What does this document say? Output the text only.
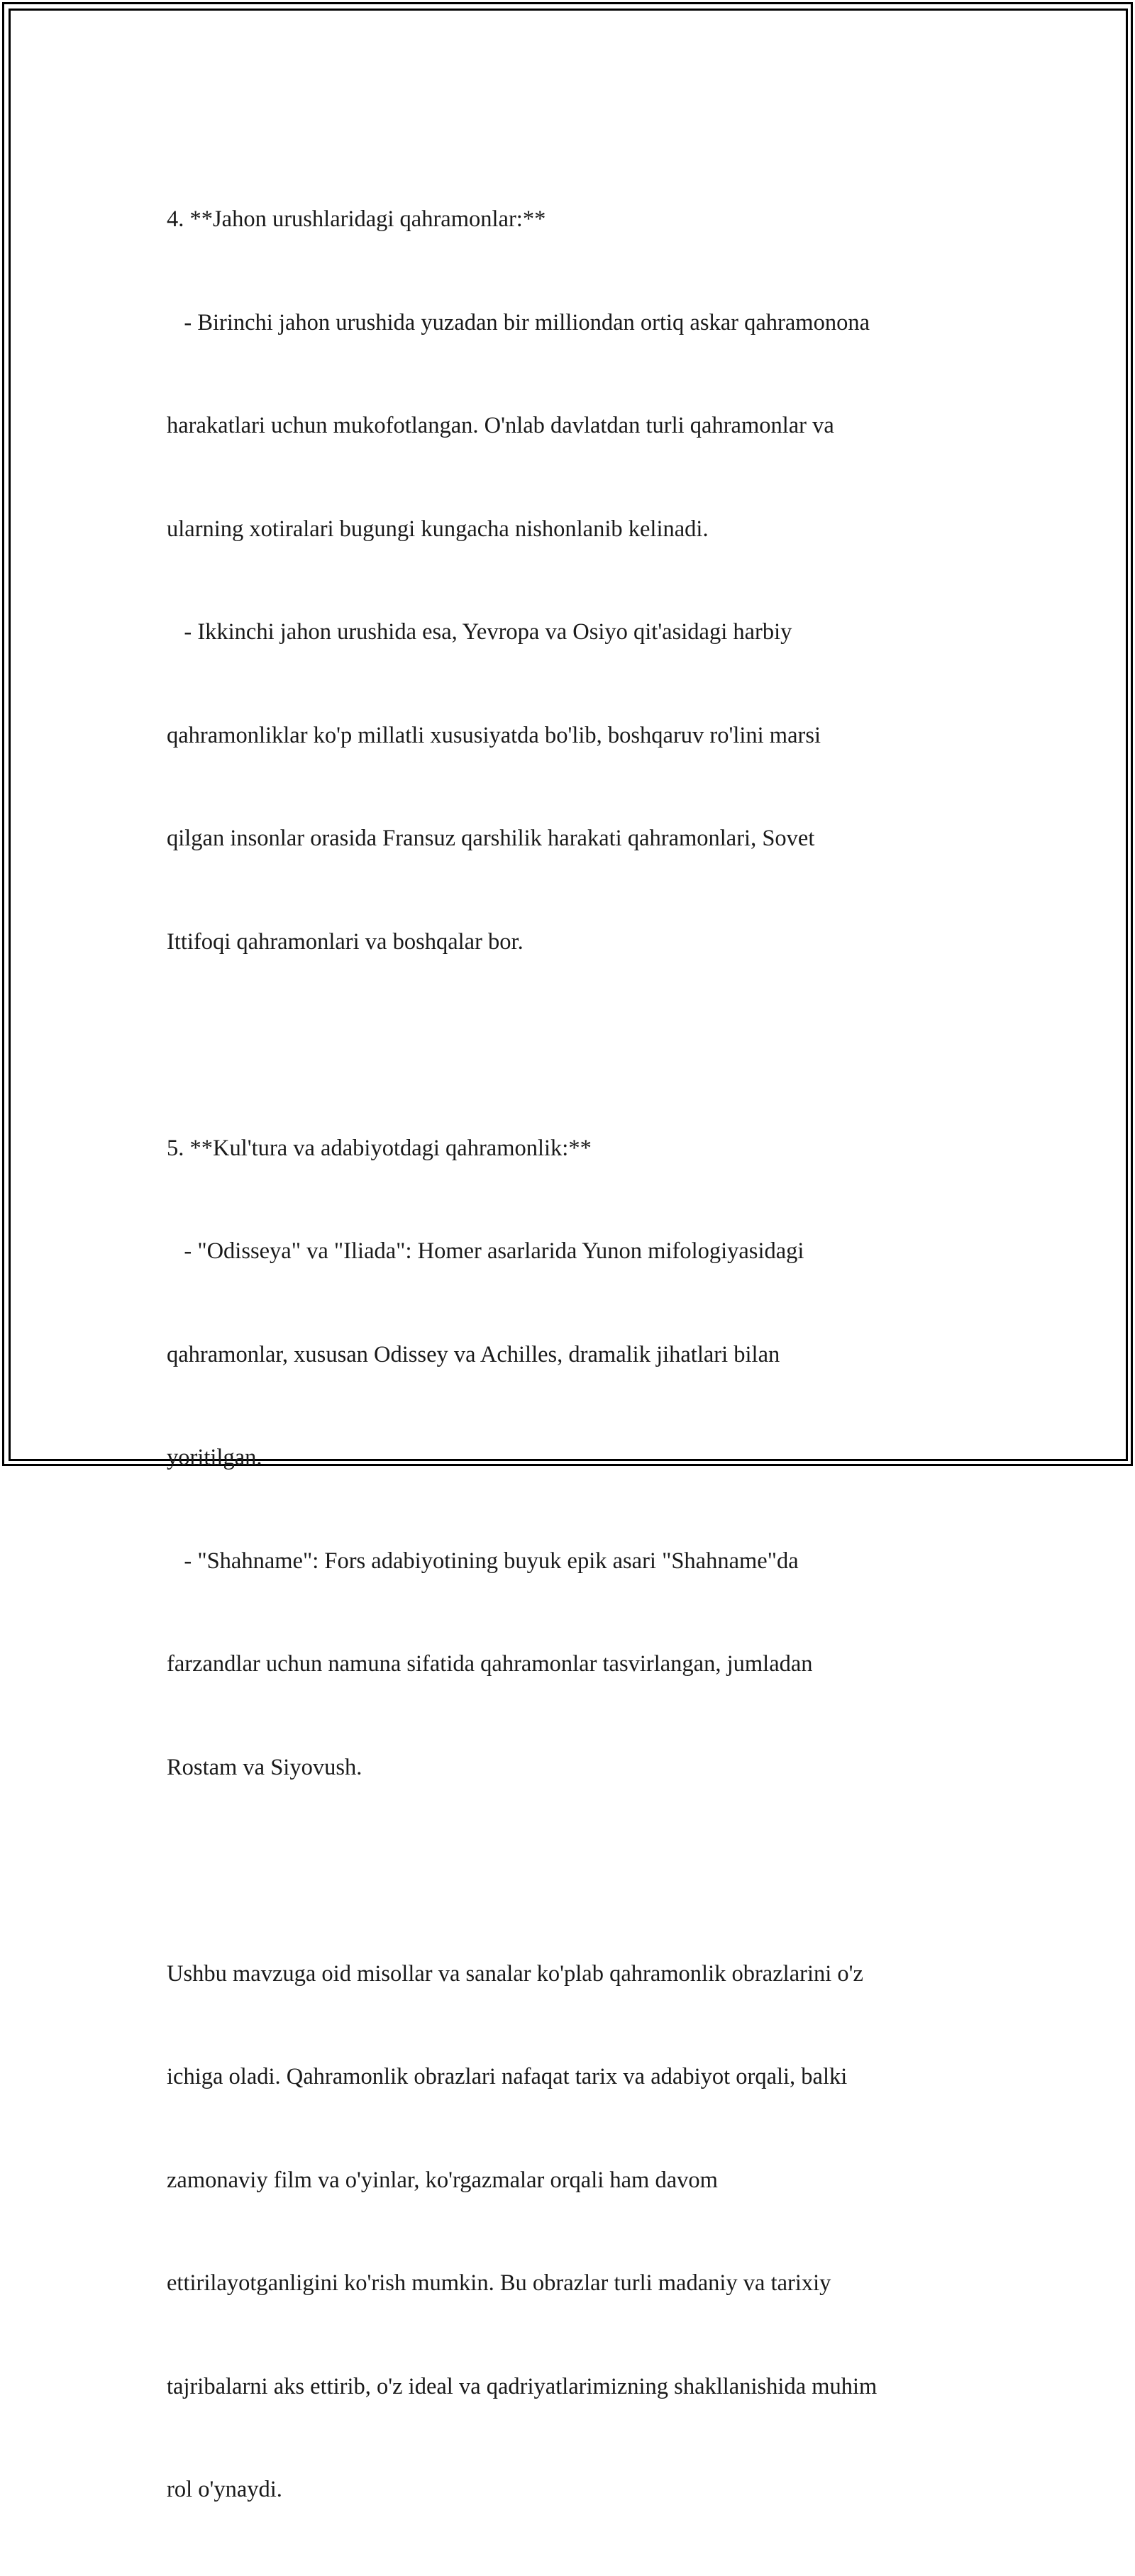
4. **Jahon urushlaridagi qahramonlar:**

- Birinchi jahon urushida yuzadan bir milliondan ortiq askar qahramonona

harakatlari uchun mukofotlangan. O'nlab davlatdan turli qahramonlar va

ularning xotiralari bugungi kungacha nishonlanib kelinadi.

- Ikkinchi jahon urushida esa, Yevropa va Osiyo qit'asidagi harbiy

qahramonliklar ko'p millatli xususiyatda bo'lib, boshqaruv ro'lini marsi

qilgan insonlar orasida Fransuz qarshilik harakati qahramonlari, Sovet

Ittifoqi qahramonlari va boshqalar bor.

5. **Kul'tura va adabiyotdagi qahramonlik:**

- "Odisseya" va "Iliada": Homer asarlarida Yunon mifologiyasidagi

qahramonlar, xususan Odissey va Achilles, dramalik jihatlari bilan

yoritilgan.

- "Shahname": Fors adabiyotining buyuk epik asari "Shahname"da

farzandlar uchun namuna sifatida qahramonlar tasvirlangan, jumladan

Rostam va Siyovush.

Ushbu mavzuga oid misollar va sanalar ko'plab qahramonlik obrazlarini o'z

ichiga oladi. Qahramonlik obrazlari nafaqat tarix va adabiyot orqali, balki

zamonaviy film va o'yinlar, ko'rgazmalar orqali ham davom

ettirilayotganligini ko'rish mumkin. Bu obrazlar turli madaniy va tarixiy

tajribalarni aks ettirib, o'z ideal va qadriyatlarimizning shakllanishida muhim

rol o'ynaydi.
